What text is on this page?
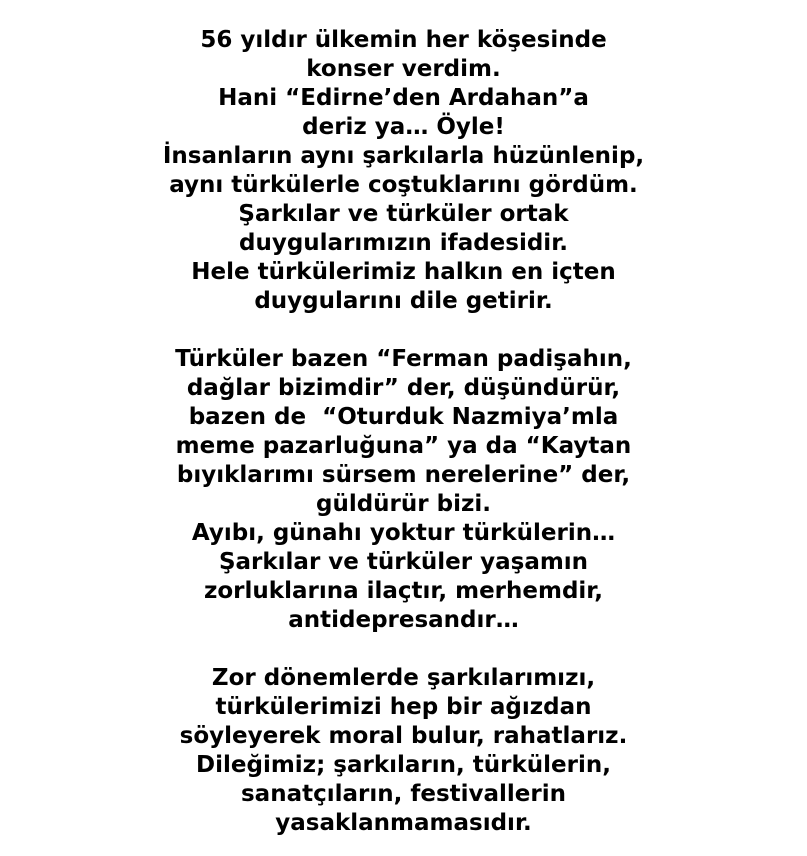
56 yıldır ülkemin her köşesinde
konser verdim.
Hani “Edirne’den Ardahan”a
deriz ya… Öyle!
İnsanların aynı şarkılarla hüzünlenip,
aynı türkülerle coştuklarını gördüm.
Şarkılar ve türküler ortak
duygularımızın ifadesidir.
Hele türkülerimiz halkın en içten
duygularını dile getirir.
Türküler bazen “Ferman padişahın,
dağlar bizimdir” der, düşündürür,
bazen de  “Oturduk Nazmiya’mla
meme pazarluğuna” ya da “Kaytan
bıyıklarımı sürsem nerelerine” der,
güldürür bizi.
Ayıbı, günahı yoktur türkülerin…
Şarkılar ve türküler yaşamın
zorluklarına ilaçtır, merhemdir,
antidepresandır…
Zor dönemlerde şarkılarımızı,
türkülerimizi hep bir ağızdan
söyleyerek moral bulur, rahatlarız.
Dileğimiz; şarkıların, türkülerin,
sanatçıların, festivallerin
yasaklanmamasıdır.
